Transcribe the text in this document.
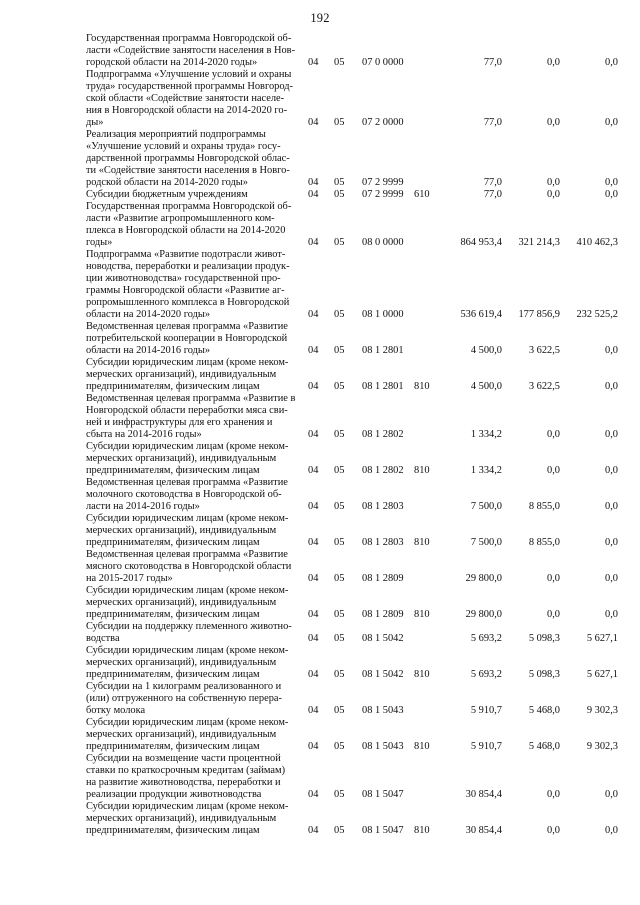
192
Государственная программа Новгородской об-
ласти «Содействие занятости населения в Нов-
городской области на 2014-2020 годы»	04	05	07 0 0000	77,0	0,0	0,0
Подпрограмма «Улучшение условий и охраны
труда» государственной программы Новгород-
ской области «Содействие занятости населе-
ния в Новгородской области на 2014-2020 го-
ды»	04	05	07 2 0000	77,0	0,0	0,0
Реализация мероприятий подпрограммы
«Улучшение условий и охраны труда» госу-
дарственной программы Новгородской облас-
ти «Содействие занятости населения в Новго-
родской области на 2014-2020 годы»	04	05	07 2 9999	77,0	0,0	0,0
Субсидии бюджетным учреждениям	04	05	07 2 9999	610	77,0	0,0	0,0
Государственная программа Новгородской об-
ласти «Развитие агропромышленного ком-
плекса в Новгородской области на 2014-2020
годы»	04	05	08 0 0000	864 953,4	321 214,3	410 462,3
Подпрограмма «Развитие подотрасли живот-
новодства, переработки и реализации продук-
ции животноводства» государственной про-
граммы Новгородской области «Развитие аг-
ропромышленного комплекса в Новгородской
области на 2014-2020 годы»	04	05	08 1 0000	536 619,4	177 856,9	232 525,2
Ведомственная целевая программа «Развитие
потребительской кооперации в Новгородской
области на 2014-2016 годы»	04	05	08 1 2801	4 500,0	3 622,5	0,0
Субсидии юридическим лицам (кроме неком-
мерческих организаций), индивидуальным
предпринимателям, физическим лицам	04	05	08 1 2801	810	4 500,0	3 622,5	0,0
Ведомственная целевая программа «Развитие в
Новгородской области переработки мяса сви-
ней и инфраструктуры для его хранения и
сбыта на 2014-2016 годы»	04	05	08 1 2802	1 334,2	0,0	0,0
Субсидии юридическим лицам (кроме неком-
мерческих организаций), индивидуальным
предпринимателям, физическим лицам	04	05	08 1 2802	810	1 334,2	0,0	0,0
Ведомственная целевая программа «Развитие
молочного скотоводства в Новгородской об-
ласти на 2014-2016 годы»	04	05	08 1 2803	7 500,0	8 855,0	0,0
Субсидии юридическим лицам (кроме неком-
мерческих организаций), индивидуальным
предпринимателям, физическим лицам	04	05	08 1 2803	810	7 500,0	8 855,0	0,0
Ведомственная целевая программа «Развитие
мясного скотоводства в Новгородской области
на 2015-2017 годы»	04	05	08 1 2809	29 800,0	0,0	0,0
Субсидии юридическим лицам (кроме неком-
мерческих организаций), индивидуальным
предпринимателям, физическим лицам	04	05	08 1 2809	810	29 800,0	0,0	0,0
Субсидии на поддержку племенного животно-
водства	04	05	08 1 5042	5 693,2	5 098,3	5 627,1
Субсидии юридическим лицам (кроме неком-
мерческих организаций), индивидуальным
предпринимателям, физическим лицам	04	05	08 1 5042	810	5 693,2	5 098,3	5 627,1
Субсидии на 1 килограмм реализованного и
(или) отгруженного на собственную перера-
ботку молока	04	05	08 1 5043	5 910,7	5 468,0	9 302,3
Субсидии юридическим лицам (кроме неком-
мерческих организаций), индивидуальным
предпринимателям, физическим лицам	04	05	08 1 5043	810	5 910,7	5 468,0	9 302,3
Субсидии на возмещение части процентной
ставки по краткосрочным кредитам (займам)
на развитие животноводства, переработки и
реализации продукции животноводства	04	05	08 1 5047	30 854,4	0,0	0,0
Субсидии юридическим лицам (кроме неком-
мерческих организаций), индивидуальным
предпринимателям, физическим лицам	04	05	08 1 5047	810	30 854,4	0,0	0,0
